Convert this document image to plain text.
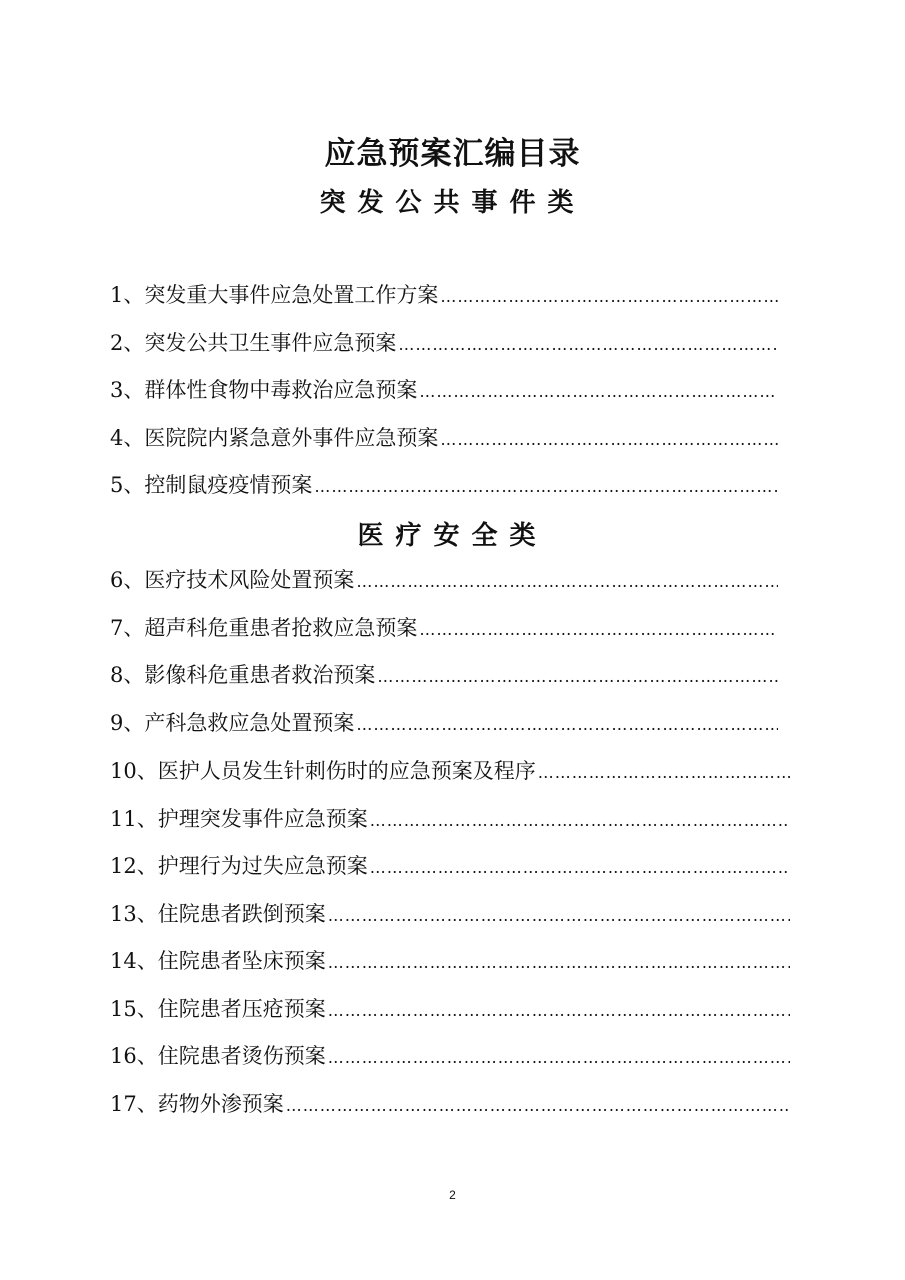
应急预案汇编目录
突发公共事件类
1 、 突发重大事件应急处置工作方案
…………………………………………………………………………………………………………………………………………
2 、 突发公共卫生事件应急预案
…………………………………………………………………………………………………………………………………………
3 、 群体性食物中毒救治应急预案
…………………………………………………………………………………………………………………………………………
4 、 医院院内紧急意外事件应急预案
…………………………………………………………………………………………………………………………………………
5 、 控制鼠疫疫情预案
…………………………………………………………………………………………………………………………………………
医疗安全类
6 、 医疗技术风险处置预案
…………………………………………………………………………………………………………………………………………
7 、 超声科危重患者抢救应急预案
…………………………………………………………………………………………………………………………………………
8 、 影像科危重患者救治预案
…………………………………………………………………………………………………………………………………………
9 、 产科急救应急处置预案
…………………………………………………………………………………………………………………………………………
10 、 医护人员发生针刺伤时的应急预案及程序
…………………………………………………………………………………………………………………………………………
11 、 护理突发事件应急预案
…………………………………………………………………………………………………………………………………………
12 、 护理行为过失应急预案
…………………………………………………………………………………………………………………………………………
13 、 住院患者跌倒预案
…………………………………………………………………………………………………………………………………………
14 、 住院患者坠床预案
…………………………………………………………………………………………………………………………………………
15 、 住院患者压疮预案
…………………………………………………………………………………………………………………………………………
16 、 住院患者烫伤预案
…………………………………………………………………………………………………………………………………………
17 、 药物外渗预案
…………………………………………………………………………………………………………………………………………
2
